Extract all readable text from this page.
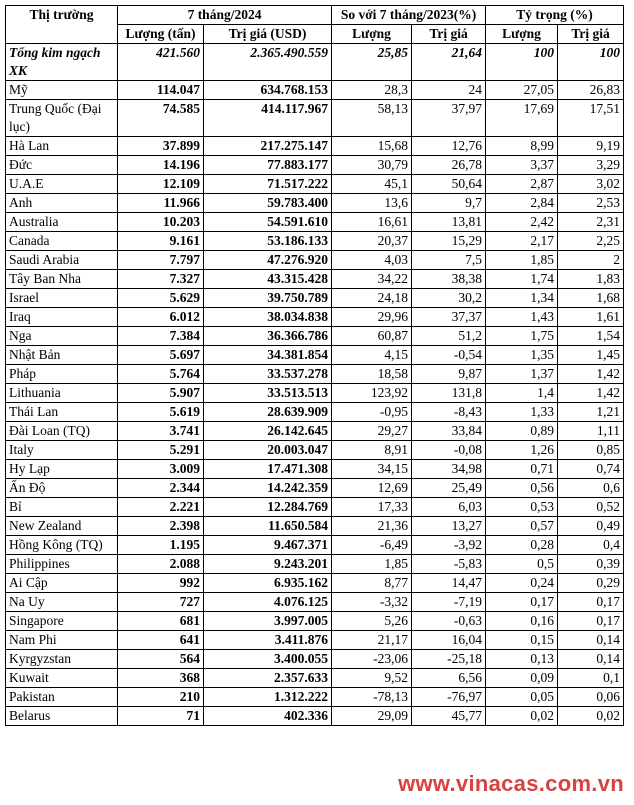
Thị trường	7 tháng/2024		So với 7 tháng/2023(%)		Tỷ trọng (%)	
	Lượng (tấn)	Trị giá (USD)	Lượng	Trị giá	Lượng	Trị giá
Tổng kim ngạch XK	421.560	2.365.490.559	25,85	21,64	100	100
Mỹ	114.047	634.768.153	28,3	24	27,05	26,83
Trung Quốc (Đại lục)	74.585	414.117.967	58,13	37,97	17,69	17,51
Hà Lan	37.899	217.275.147	15,68	12,76	8,99	9,19
Đức	14.196	77.883.177	30,79	26,78	3,37	3,29
U.A.E	12.109	71.517.222	45,1	50,64	2,87	3,02
Anh	11.966	59.783.400	13,6	9,7	2,84	2,53
Australia	10.203	54.591.610	16,61	13,81	2,42	2,31
Canada	9.161	53.186.133	20,37	15,29	2,17	2,25
Saudi Arabia	7.797	47.276.920	4,03	7,5	1,85	2
Tây Ban Nha	7.327	43.315.428	34,22	38,38	1,74	1,83
Israel	5.629	39.750.789	24,18	30,2	1,34	1,68
Iraq	6.012	38.034.838	29,96	37,37	1,43	1,61
Nga	7.384	36.366.786	60,87	51,2	1,75	1,54
Nhật Bản	5.697	34.381.854	4,15	-0,54	1,35	1,45
Pháp	5.764	33.537.278	18,58	9,87	1,37	1,42
Lithuania	5.907	33.513.513	123,92	131,8	1,4	1,42
Thái Lan	5.619	28.639.909	-0,95	-8,43	1,33	1,21
Đài Loan (TQ)	3.741	26.142.645	29,27	33,84	0,89	1,11
Italy	5.291	20.003.047	8,91	-0,08	1,26	0,85
Hy Lạp	3.009	17.471.308	34,15	34,98	0,71	0,74
Ấn Độ	2.344	14.242.359	12,69	25,49	0,56	0,6
Bỉ	2.221	12.284.769	17,33	6,03	0,53	0,52
New Zealand	2.398	11.650.584	21,36	13,27	0,57	0,49
Hồng Kông (TQ)	1.195	9.467.371	-6,49	-3,92	0,28	0,4
Philippines	2.088	9.243.201	1,85	-5,83	0,5	0,39
Ai Cập	992	6.935.162	8,77	14,47	0,24	0,29
Na Uy	727	4.076.125	-3,32	-7,19	0,17	0,17
Singapore	681	3.997.005	5,26	-0,63	0,16	0,17
Nam Phi	641	3.411.876	21,17	16,04	0,15	0,14
Kyrgyzstan	564	3.400.055	-23,06	-25,18	0,13	0,14
Kuwait	368	2.357.633	9,52	6,56	0,09	0,1
Pakistan	210	1.312.222	-78,13	-76,97	0,05	0,06
Belarus	71	402.336	29,09	45,77	0,02	0,02
www.vinacas.com.vn
